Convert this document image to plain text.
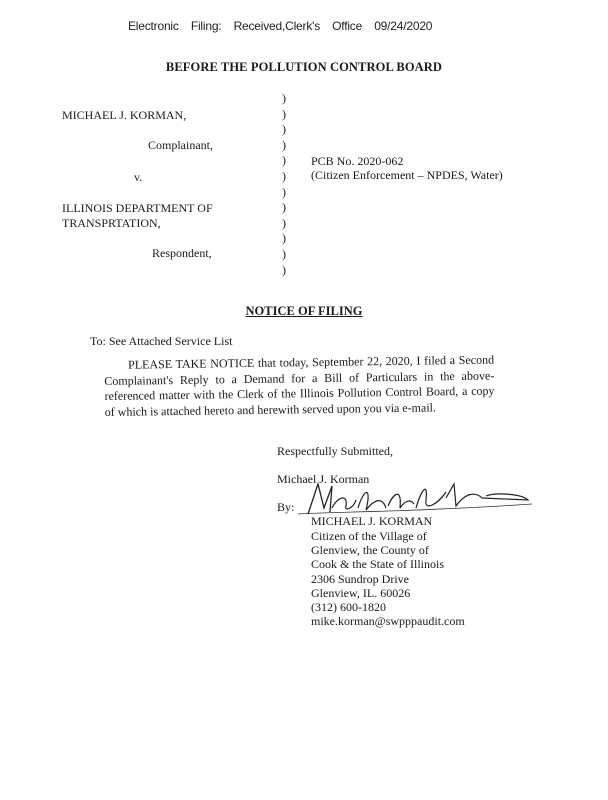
Electronic Filing: Received,Clerk's Office 09/24/2020
BEFORE THE POLLUTION CONTROL BOARD
MICHAEL J. KORMAN,
Complainant,
v.
ILLINOIS DEPARTMENT OF
TRANSPRTATION,
Respondent,
)
)
)
)
)
)
)
)
)
)
)
)
PCB No. 2020-062
(Citizen Enforcement – NPDES, Water)
NOTICE OF FILING
To: See Attached Service List
PLEASE TAKE NOTICE that today, September 22, 2020, I filed a Second Complainant's Reply to a Demand for a Bill of Particulars in the above-referenced matter with the Clerk of the Illinois Pollution Control Board, a copy of which is attached hereto and herewith served upon you via e-mail.
Respectfully Submitted,
Michael J. Korman
By:
MICHAEL J. KORMAN
Citizen of the Village of
Glenview, the County of
Cook & the State of Illinois
2306 Sundrop Drive
Glenview, IL. 60026
(312) 600-1820
mike.korman@swpppaudit.com
